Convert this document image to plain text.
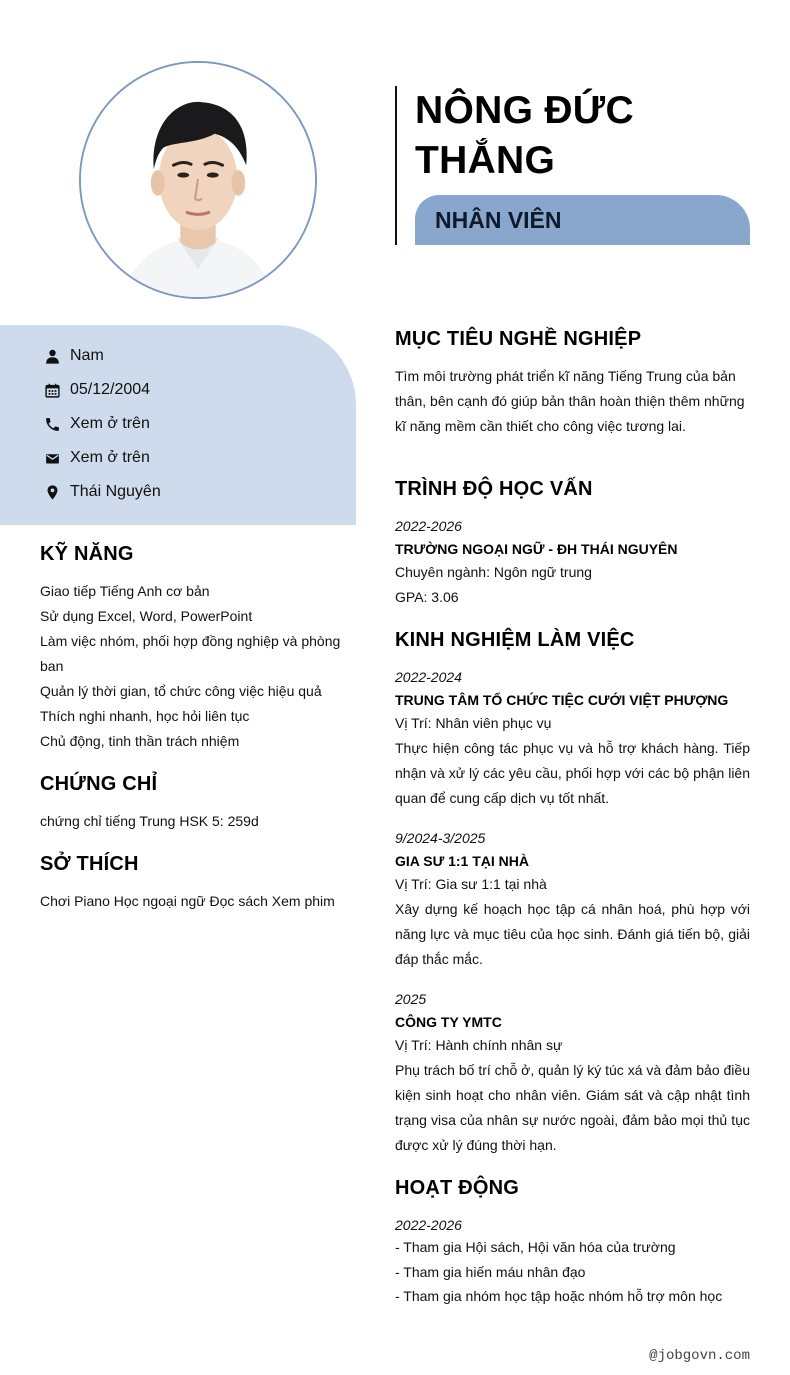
NÔNG ĐỨC THẮNG
NHÂN VIÊN
Nam
05/12/2004
Xem ở trên
Xem ở trên
Thái Nguyên
KỸ NĂNG
Giao tiếp Tiếng Anh cơ bản
Sử dụng Excel, Word, PowerPoint
Làm việc nhóm, phối hợp đồng nghiệp và phòng ban
Quản lý thời gian, tổ chức công việc hiệu quả
Thích nghi nhanh, học hỏi liên tục
Chủ động, tinh thần trách nhiệm
CHỨNG CHỈ
chứng chỉ tiếng Trung HSK 5: 259d
SỞ THÍCH
Chơi Piano Học ngoại ngữ Đọc sách Xem phim
MỤC TIÊU NGHỀ NGHIỆP
Tìm môi trường phát triển kĩ năng Tiếng Trung của bản thân, bên cạnh đó giúp bản thân hoàn thiện thêm những kĩ năng mềm cần thiết cho công việc tương lai.
TRÌNH ĐỘ HỌC VẤN
2022-2026
TRƯỜNG NGOẠI NGỮ - ĐH THÁI NGUYÊN
Chuyên ngành: Ngôn ngữ trung
GPA: 3.06
KINH NGHIỆM LÀM VIỆC
2022-2024
TRUNG TÂM TỔ CHỨC TIỆC CƯỚI VIỆT PHƯỢNG
Vị Trí: Nhân viên phục vụ
Thực hiện công tác phục vụ và hỗ trợ khách hàng. Tiếp nhận và xử lý các yêu cầu, phối hợp với các bộ phận liên quan để cung cấp dịch vụ tốt nhất.
9/2024-3/2025
GIA SƯ 1:1 TẠI NHÀ
Vị Trí: Gia sư 1:1 tại nhà
Xây dựng kế hoạch học tập cá nhân hoá, phù hợp với năng lực và mục tiêu của học sinh. Đánh giá tiến bộ, giải đáp thắc mắc.
2025
CÔNG TY YMTC
Vị Trí: Hành chính nhân sự
Phụ trách bố trí chỗ ở, quản lý ký túc xá và đảm bảo điều kiện sinh hoạt cho nhân viên. Giám sát và cập nhật tình trạng visa của nhân sự nước ngoài, đảm bảo mọi thủ tục được xử lý đúng thời hạn.
HOẠT ĐỘNG
2022-2026
- Tham gia Hội sách, Hội văn hóa của trường
- Tham gia hiến máu nhân đạo
- Tham gia nhóm học tập hoặc nhóm hỗ trợ môn học
@jobgovn.com
